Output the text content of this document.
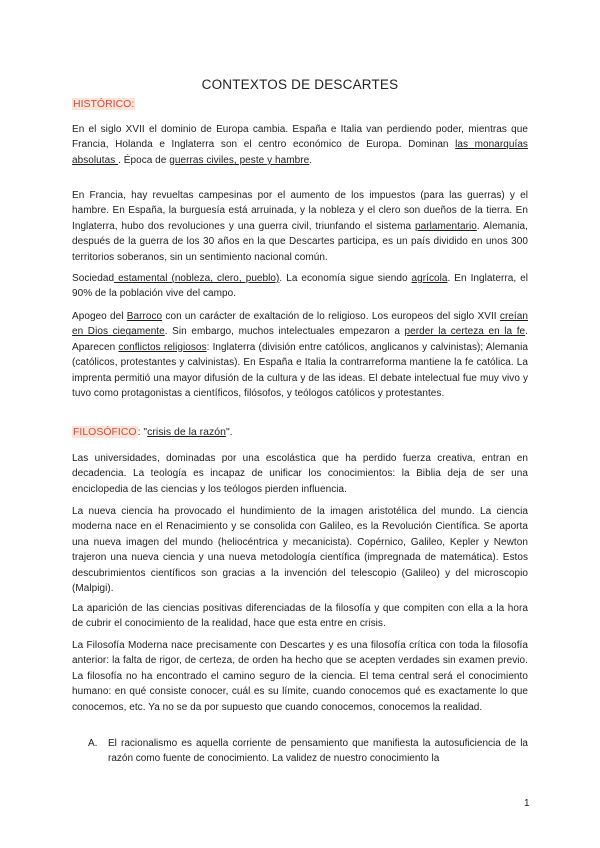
CONTEXTOS DE DESCARTES
HISTÓRICO:
En el siglo XVII el dominio de Europa cambia. España e Italia van perdiendo poder, mientras que Francia, Holanda e Inglaterra son el centro económico de Europa. Dominan las monarquías absolutas . Época de guerras civiles, peste y hambre.
En Francia, hay revueltas campesinas por el aumento de los impuestos (para las guerras) y el hambre. En España, la burguesía está arruinada, y la nobleza y el clero son dueños de la tierra. En Inglaterra, hubo dos revoluciones y una guerra civil, triunfando el sistema parlamentario. Alemania, después de la guerra de los 30 años en la que Descartes participa, es un país dividido en unos 300 territorios soberanos, sin un sentimiento nacional común.
Sociedad estamental (nobleza, clero, pueblo). La economía sigue siendo agrícola. En Inglaterra, el 90% de la población vive del campo.
Apogeo del Barroco con un carácter de exaltación de lo religioso. Los europeos del siglo XVII creían en Dios ciegamente. Sin embargo, muchos intelectuales empezaron a perder la certeza en la fe. Aparecen conflictos religiosos: Inglaterra (división entre católicos, anglicanos y calvinistas); Alemania (católicos, protestantes y calvinistas). En España e Italia la contrarreforma mantiene la fe católica. La imprenta permitió una mayor difusión de la cultura y de las ideas. El debate intelectual fue muy vivo y tuvo como protagonistas a científicos, filósofos, y teólogos católicos y protestantes.
FILOSÓFICO: "crisis de la razón".
Las universidades, dominadas por una escolástica que ha perdido fuerza creativa, entran en decadencia. La teología es incapaz de unificar los conocimientos: la Biblia deja de ser una enciclopedia de las ciencias y los teólogos pierden influencia.
La nueva ciencia ha provocado el hundimiento de la imagen aristotélica del mundo. La ciencia moderna nace en el Renacimiento y se consolida con Galileo, es la Revolución Científica. Se aporta una nueva imagen del mundo (heliocéntrica y mecanicista). Copérnico, Galileo, Kepler y Newton trajeron una nueva ciencia y una nueva metodología científica (impregnada de matemática). Estos descubrimientos científicos son gracias a la invención del telescopio (Galileo) y del microscopio (Malpigi).
La aparición de las ciencias positivas diferenciadas de la filosofía y que compiten con ella a la hora de cubrir el conocimiento de la realidad, hace que esta entre en crisis.
La Filosofía Moderna nace precisamente con Descartes y es una filosofía crítica con toda la filosofía anterior: la falta de rigor, de certeza, de orden ha hecho que se acepten verdades sin examen previo. La filosofía no ha encontrado el camino seguro de la ciencia. El tema central será el conocimiento humano: en qué consiste conocer, cuál es su límite, cuando conocemos qué es exactamente lo que conocemos, etc. Ya no se da por supuesto que cuando conocemos, conocemos la realidad.
A. El racionalismo es aquella corriente de pensamiento que manifiesta la autosuficiencia de la razón como fuente de conocimiento. La validez de nuestro conocimiento la
1
